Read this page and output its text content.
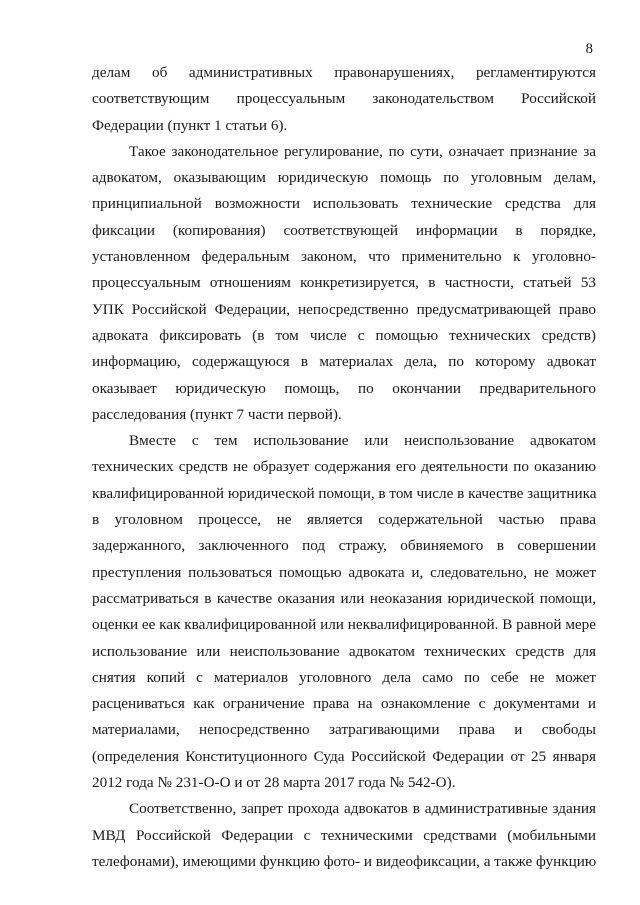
8

делам об административных правонарушениях, регламентируются
соответствующим процессуальным законодательством Российской
Федерации (пункт 1 статьи 6).

Такое законодательное регулирование, по сути, означает признание за
адвокатом, оказывающим юридическую помощь по уголовным делам,
принципиальной возможности использовать технические средства для
фиксации (копирования) соответствующей информации в порядке,
установленном федеральным законом, что применительно к уголовно-
процессуальным отношениям конкретизируется, в частности, статьей 53
УПК Российской Федерации, непосредственно предусматривающей право
адвоката фиксировать (в том числе с помощью технических средств)
информацию, содержащуюся в материалах дела, по которому адвокат
оказывает юридическую помощь, по окончании предварительного
расследования (пункт 7 части первой).

Вместе с тем использование или неиспользование адвокатом
технических средств не образует содержания его деятельности по оказанию
квалифицированной юридической помощи, в том числе в качестве защитника
в уголовном процессе, не является содержательной частью права
задержанного, заключенного под стражу, обвиняемого в совершении
преступления пользоваться помощью адвоката и, следовательно, не может
рассматриваться в качестве оказания или неоказания юридической помощи,
оценки ее как квалифицированной или неквалифицированной. В равной мере
использование или неиспользование адвокатом технических средств для
снятия копий с материалов уголовного дела само по себе не может
расцениваться как ограничение права на ознакомление с документами и
материалами, непосредственно затрагивающими права и свободы
(определения Конституционного Суда Российской Федерации от 25 января
2012 года № 231-О-О и от 28 марта 2017 года № 542-О).

Соответственно, запрет прохода адвокатов в административные здания
МВД Российской Федерации с техническими средствами (мобильными
телефонами), имеющими функцию фото- и видеофиксации, а также функцию
